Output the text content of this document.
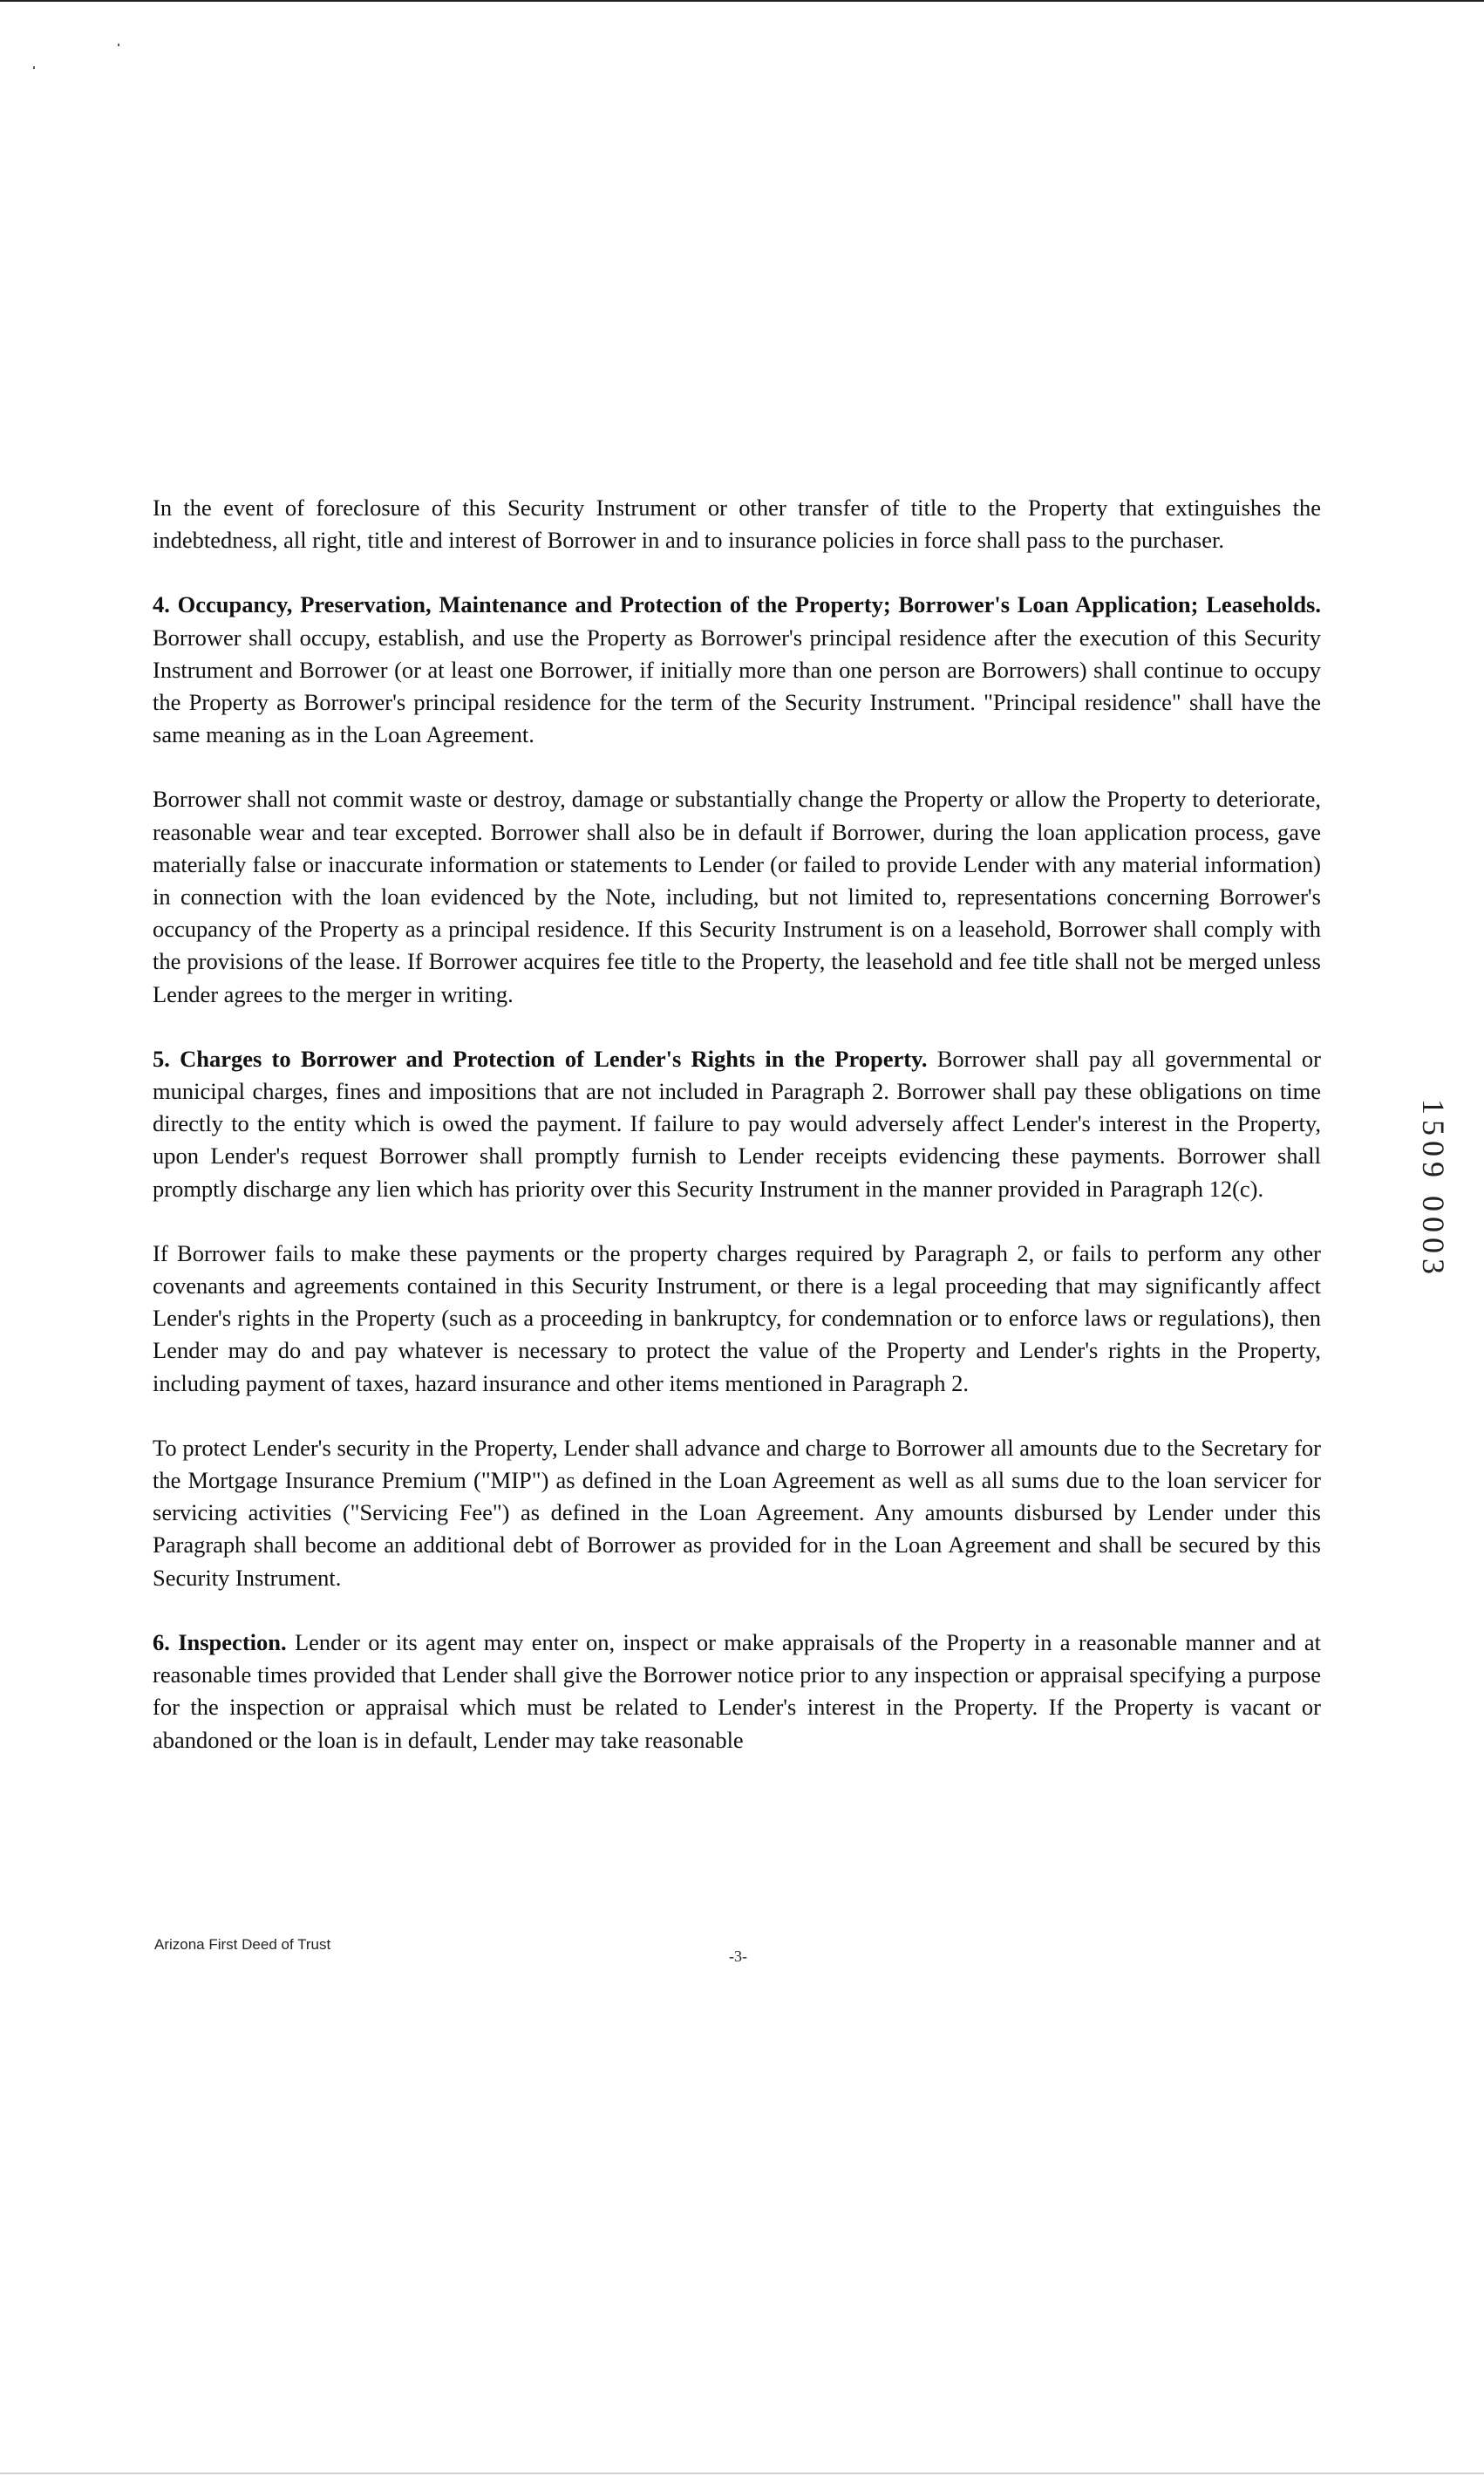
In the event of foreclosure of this Security Instrument or other transfer of title to the Property that extinguishes the indebtedness, all right, title and interest of Borrower in and to insurance policies in force shall pass to the purchaser.

4. Occupancy, Preservation, Maintenance and Protection of the Property; Borrower's Loan Application; Leaseholds. Borrower shall occupy, establish, and use the Property as Borrower's principal residence after the execution of this Security Instrument and Borrower (or at least one Borrower, if initially more than one person are Borrowers) shall continue to occupy the Property as Borrower's principal residence for the term of the Security Instrument. "Principal residence" shall have the same meaning as in the Loan Agreement.

Borrower shall not commit waste or destroy, damage or substantially change the Property or allow the Property to deteriorate, reasonable wear and tear excepted. Borrower shall also be in default if Borrower, during the loan application process, gave materially false or inaccurate information or statements to Lender (or failed to provide Lender with any material information) in connection with the loan evidenced by the Note, including, but not limited to, representations concerning Borrower's occupancy of the Property as a principal residence. If this Security Instrument is on a leasehold, Borrower shall comply with the provisions of the lease. If Borrower acquires fee title to the Property, the leasehold and fee title shall not be merged unless Lender agrees to the merger in writing.

5. Charges to Borrower and Protection of Lender's Rights in the Property. Borrower shall pay all governmental or municipal charges, fines and impositions that are not included in Paragraph 2. Borrower shall pay these obligations on time directly to the entity which is owed the payment. If failure to pay would adversely affect Lender's interest in the Property, upon Lender's request Borrower shall promptly furnish to Lender receipts evidencing these payments. Borrower shall promptly discharge any lien which has priority over this Security Instrument in the manner provided in Paragraph 12(c).

If Borrower fails to make these payments or the property charges required by Paragraph 2, or fails to perform any other covenants and agreements contained in this Security Instrument, or there is a legal proceeding that may significantly affect Lender's rights in the Property (such as a proceeding in bankruptcy, for condemnation or to enforce laws or regulations), then Lender may do and pay whatever is necessary to protect the value of the Property and Lender's rights in the Property, including payment of taxes, hazard insurance and other items mentioned in Paragraph 2.

To protect Lender's security in the Property, Lender shall advance and charge to Borrower all amounts due to the Secretary for the Mortgage Insurance Premium ("MIP") as defined in the Loan Agreement as well as all sums due to the loan servicer for servicing activities ("Servicing Fee") as defined in the Loan Agreement. Any amounts disbursed by Lender under this Paragraph shall become an additional debt of Borrower as provided for in the Loan Agreement and shall be secured by this Security Instrument.

6. Inspection. Lender or its agent may enter on, inspect or make appraisals of the Property in a reasonable manner and at reasonable times provided that Lender shall give the Borrower notice prior to any inspection or appraisal specifying a purpose for the inspection or appraisal which must be related to Lender's interest in the Property. If the Property is vacant or abandoned or the loan is in default, Lender may take reasonable

1509 0003
Arizona First Deed of Trust
-3-
